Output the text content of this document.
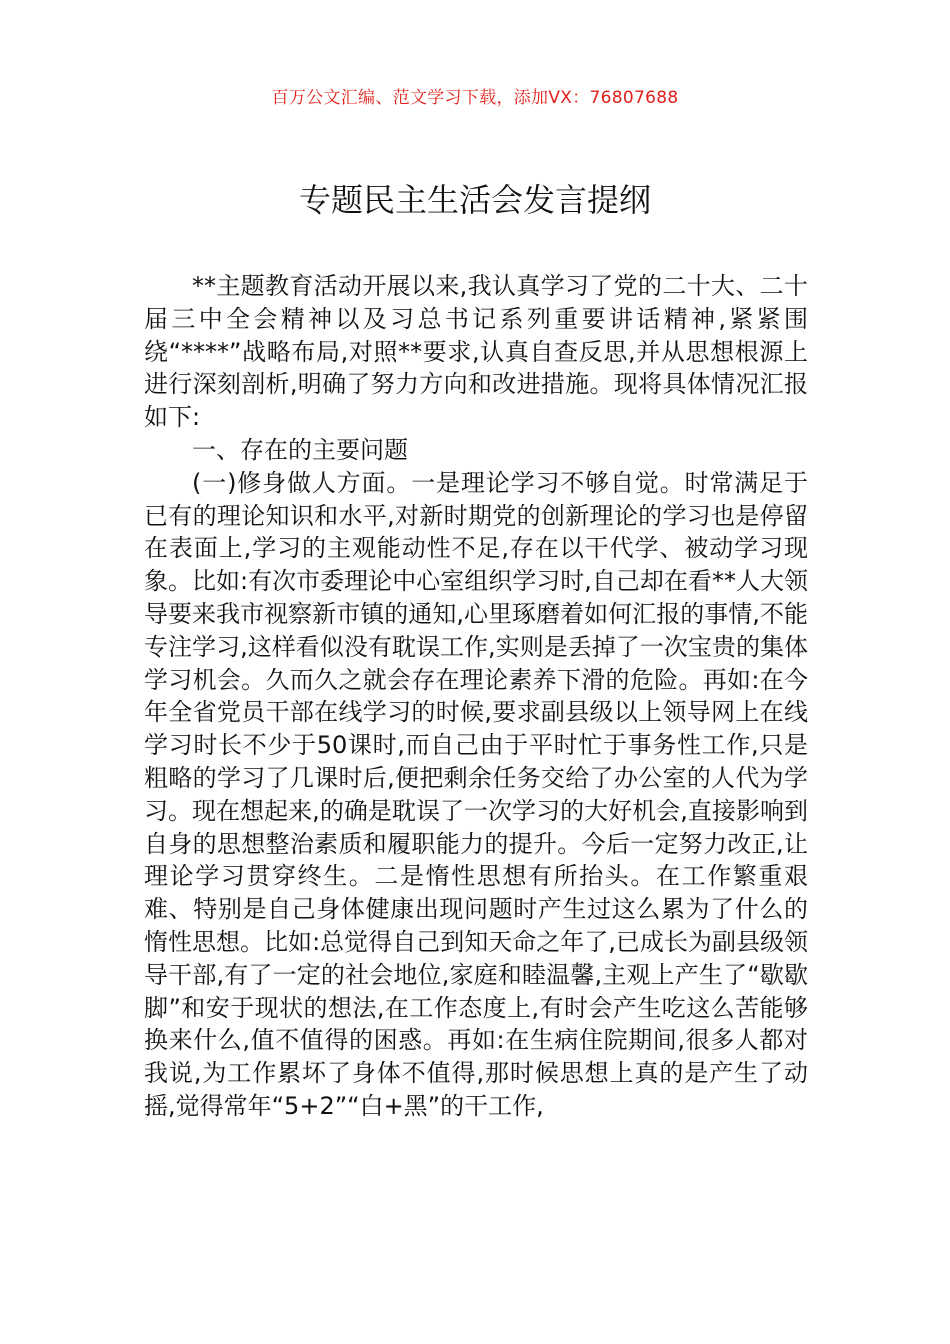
百万公文汇编、范文学习下载，添加VX：76807688
专题民主生活会发言提纲

**主题教育活动开展以来,我认真学习了党的二十大、二十届三中全会精神以及习总书记系列重要讲话精神,紧紧围绕“****”战略布局,对照**要求,认真自查反思,并从思想根源上进行深刻剖析,明确了努力方向和改进措施。现将具体情况汇报如下:

一、存在的主要问题

(一)修身做人方面。一是理论学习不够自觉。时常满足于已有的理论知识和水平,对新时期党的创新理论的学习也是停留在表面上,学习的主观能动性不足,存在以干代学、被动学习现象。比如:有次市委理论中心室组织学习时,自己却在看**人大领导要来我市视察新市镇的通知,心里琢磨着如何汇报的事情,不能专注学习,这样看似没有耽误工作,实则是丢掉了一次宝贵的集体学习机会。久而久之就会存在理论素养下滑的危险。再如:在今年全省党员干部在线学习的时候,要求副县级以上领导网上在线学习时长不少于50课时,而自己由于平时忙于事务性工作,只是粗略的学习了几课时后,便把剩余任务交给了办公室的人代为学习。现在想起来,的确是耽误了一次学习的大好机会,直接影响到自身的思想整治素质和履职能力的提升。今后一定努力改正,让理论学习贯穿终生。二是惰性思想有所抬头。在工作繁重艰难、特别是自己身体健康出现问题时产生过这么累为了什么的惰性思想。比如:总觉得自己到知天命之年了,已成长为副县级领导干部,有了一定的社会地位,家庭和睦温馨,主观上产生了“歇歇脚”和安于现状的想法,在工作态度上,有时会产生吃这么苦能够换来什么,值不值得的困惑。再如:在生病住院期间,很多人都对我说,为工作累坏了身体不值得,那时候思想上真的是产生了动摇,觉得常年“5+2”“白+黑”的干工作,
